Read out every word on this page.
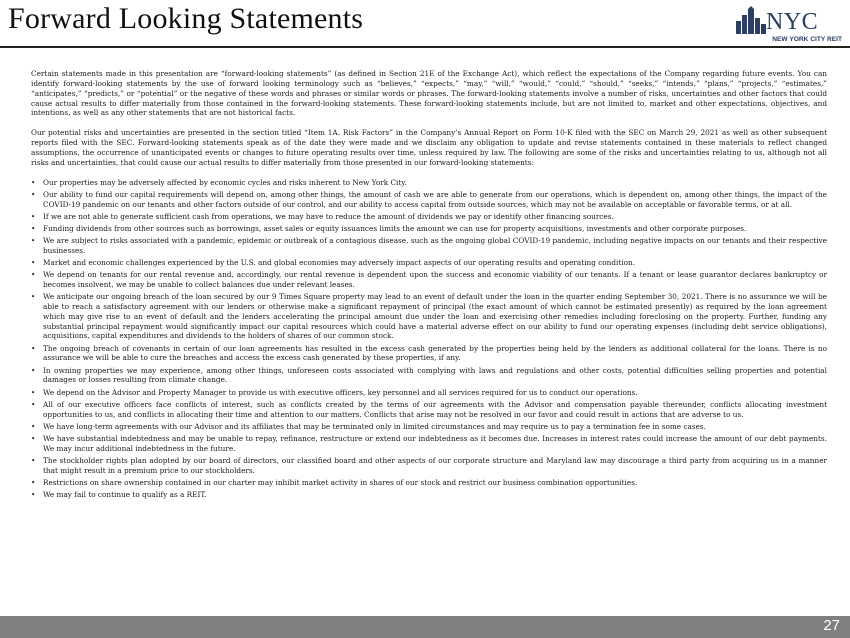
Forward Looking Statements	NYC
NEW YORK CITY REIT

Certain statements made in this presentation are “forward-looking statements” (as defined in Section 21E of the Exchange Act), which reflect the expectations of the Company regarding future events. You can identify forward-looking statements by the use of forward looking terminology such as “believes,” “expects,” “may,” “will,” “would,” “could,” “should,” “seeks,” “intends,” “plans,” “projects,” “estimates,” “anticipates,” “predicts,” or “potential” or the negative of these words and phrases or similar words or phrases. The forward-looking statements involve a number of risks, uncertainties and other factors that could cause actual results to differ materially from those contained in the forward-looking statements. These forward-looking statements include, but are not limited to, market and other expectations, objectives, and intentions, as well as any other statements that are not historical facts.

Our potential risks and uncertainties are presented in the section titled “Item 1A. Risk Factors” in the Company’s Annual Report on Form 10-K filed with the SEC on March 29, 2021 as well as other subsequent reports filed with the SEC. Forward-looking statements speak as of the date they were made and we disclaim any obligation to update and revise statements contained in these materials to reflect changed assumptions, the occurrence of unanticipated events or changes to future operating results over time, unless required by law. The following are some of the risks and uncertainties relating to us, although not all risks and uncertainties, that could cause our actual results to differ materially from those presented in our forward-looking statements:

• Our properties may be adversely affected by economic cycles and risks inherent to New York City.
• Our ability to fund our capital requirements will depend on, among other things, the amount of cash we are able to generate from our operations, which is dependent on, among other things, the impact of the COVID-19 pandemic on our tenants and other factors outside of our control, and our ability to access capital from outside sources, which may not be available on acceptable or favorable terms, or at all.
• If we are not able to generate sufficient cash from operations, we may have to reduce the amount of dividends we pay or identify other financing sources.
• Funding dividends from other sources such as borrowings, asset sales or equity issuances limits the amount we can use for property acquisitions, investments and other corporate purposes.
• We are subject to risks associated with a pandemic, epidemic or outbreak of a contagious disease, such as the ongoing global COVID-19 pandemic, including negative impacts on our tenants and their respective businesses.
• Market and economic challenges experienced by the U.S. and global economies may adversely impact aspects of our operating results and operating condition.
• We depend on tenants for our rental revenue and, accordingly, our rental revenue is dependent upon the success and economic viability of our tenants. If a tenant or lease guarantor declares bankruptcy or becomes insolvent, we may be unable to collect balances due under relevant leases.
• We anticipate our ongoing breach of the loan secured by our 9 Times Square property may lead to an event of default under the loan in the quarter ending September 30, 2021. There is no assurance we will be able to reach a satisfactory agreement with our lenders or otherwise make a significant repayment of principal (the exact amount of which cannot be estimated presently) as required by the loan agreement which may give rise to an event of default and the lenders accelerating the principal amount due under the loan and exercising other remedies including foreclosing on the property. Further, funding any substantial principal repayment would significantly impact our capital resources which could have a material adverse effect on our ability to fund our operating expenses (including debt service obligations), acquisitions, capital expenditures and dividends to the holders of shares of our common stock.
• The ongoing breach of covenants in certain of our loan agreements has resulted in the excess cash generated by the properties being held by the lenders as additional collateral for the loans. There is no assurance we will be able to cure the breaches and access the excess cash generated by these properties, if any.
• In owning properties we may experience, among other things, unforeseen costs associated with complying with laws and regulations and other costs, potential difficulties selling properties and potential damages or losses resulting from climate change.
• We depend on the Advisor and Property Manager to provide us with executive officers, key personnel and all services required for us to conduct our operations.
• All of our executive officers face conflicts of interest, such as conflicts created by the terms of our agreements with the Advisor and compensation payable thereunder, conflicts allocating investment opportunities to us, and conflicts in allocating their time and attention to our matters. Conflicts that arise may not be resolved in our favor and could result in actions that are adverse to us.
• We have long-term agreements with our Advisor and its affiliates that may be terminated only in limited circumstances and may require us to pay a termination fee in some cases.
• We have substantial indebtedness and may be unable to repay, refinance, restructure or extend our indebtedness as it becomes due. Increases in interest rates could increase the amount of our debt payments. We may incur additional indebtedness in the future.
• The stockholder rights plan adopted by our board of directors, our classified board and other aspects of our corporate structure and Maryland law may discourage a third party from acquiring us in a manner that might result in a premium price to our stockholders.
• Restrictions on share ownership contained in our charter may inhibit market activity in shares of our stock and restrict our business combination opportunities.
• We may fail to continue to qualify as a REIT.
27
